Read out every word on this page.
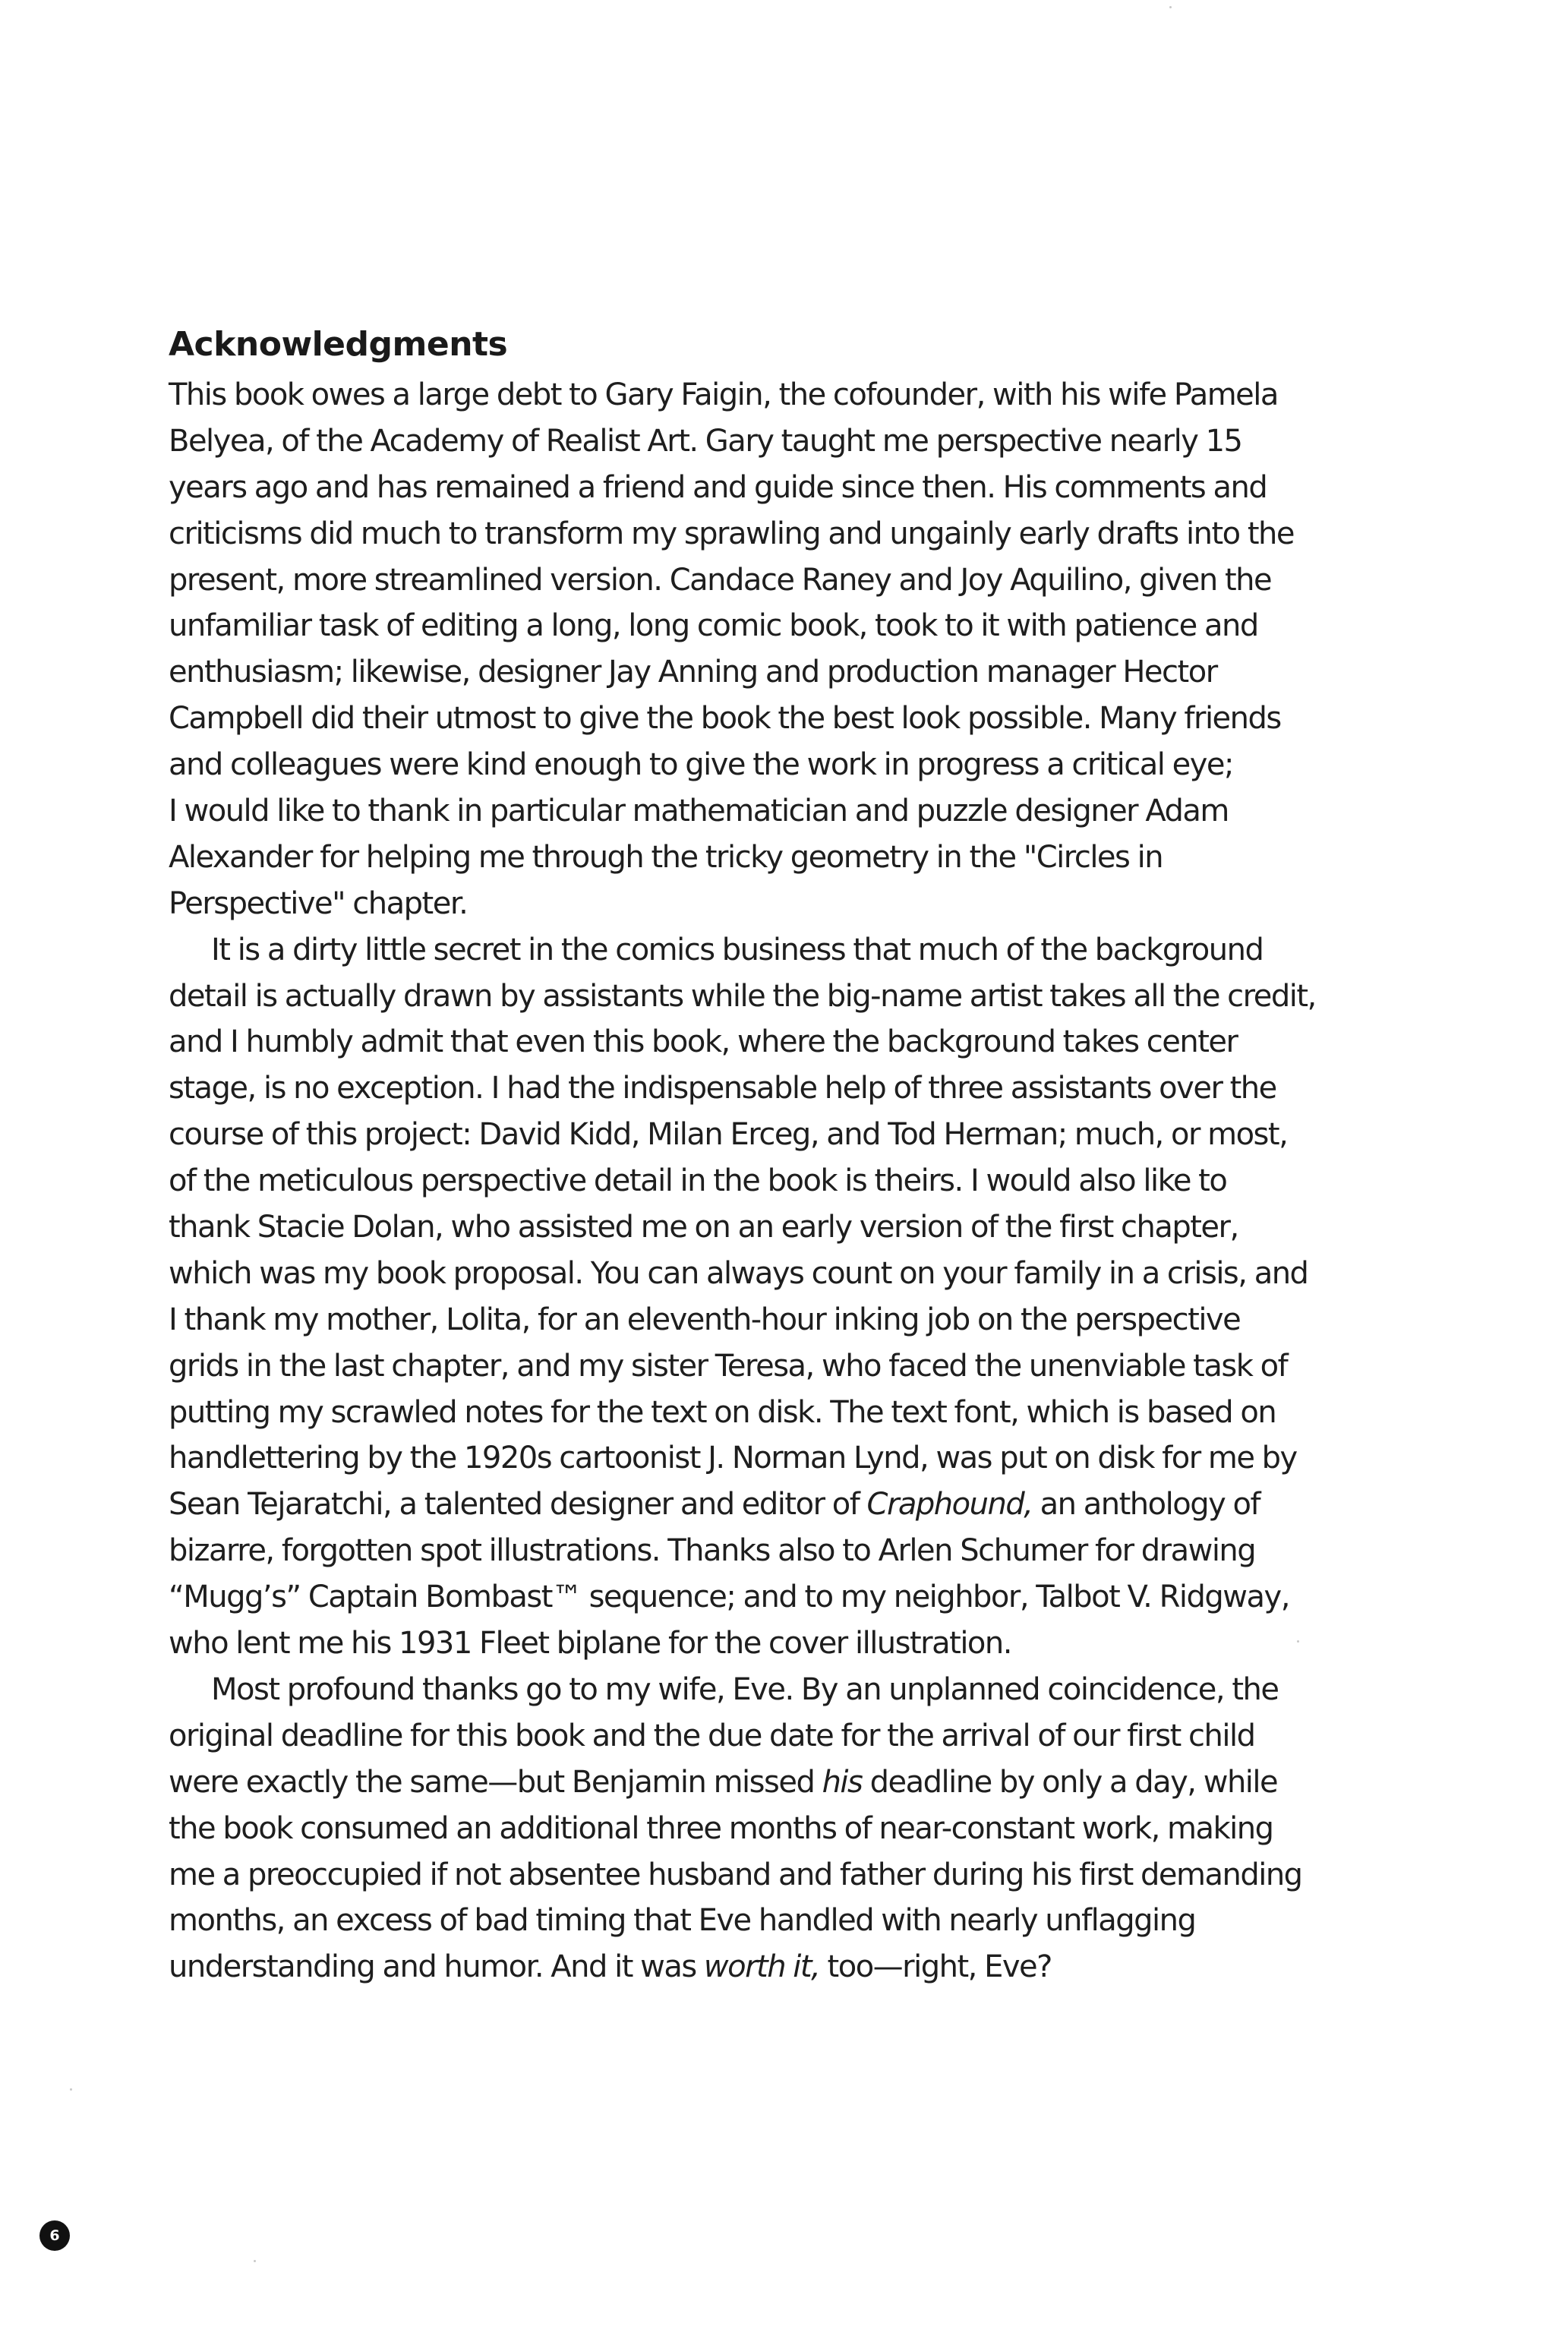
Acknowledgments
This book owes a large debt to Gary Faigin, the cofounder, with his wife Pamela
Belyea, of the Academy of Realist Art. Gary taught me perspective nearly 15
years ago and has remained a friend and guide since then. His comments and
criticisms did much to transform my sprawling and ungainly early drafts into the
present, more streamlined version. Candace Raney and Joy Aquilino, given the
unfamiliar task of editing a long, long comic book, took to it with patience and
enthusiasm; likewise, designer Jay Anning and production manager Hector
Campbell did their utmost to give the book the best look possible. Many friends
and colleagues were kind enough to give the work in progress a critical eye;
I would like to thank in particular mathematician and puzzle designer Adam
Alexander for helping me through the tricky geometry in the "Circles in
Perspective" chapter.
It is a dirty little secret in the comics business that much of the background
detail is actually drawn by assistants while the big-name artist takes all the credit,
and I humbly admit that even this book, where the background takes center
stage, is no exception. I had the indispensable help of three assistants over the
course of this project: David Kidd, Milan Erceg, and Tod Herman; much, or most,
of the meticulous perspective detail in the book is theirs. I would also like to
thank Stacie Dolan, who assisted me on an early version of the first chapter,
which was my book proposal. You can always count on your family in a crisis, and
I thank my mother, Lolita, for an eleventh-hour inking job on the perspective
grids in the last chapter, and my sister Teresa, who faced the unenviable task of
putting my scrawled notes for the text on disk. The text font, which is based on
handlettering by the 1920s cartoonist J. Norman Lynd, was put on disk for me by
Sean Tejaratchi, a talented designer and editor of Craphound, an anthology of
bizarre, forgotten spot illustrations. Thanks also to Arlen Schumer for drawing
“Mugg’s” Captain Bombast™ sequence; and to my neighbor, Talbot V. Ridgway,
who lent me his 1931 Fleet biplane for the cover illustration.
Most profound thanks go to my wife, Eve. By an unplanned coincidence, the
original deadline for this book and the due date for the arrival of our first child
were exactly the same—but Benjamin missed his deadline by only a day, while
the book consumed an additional three months of near-constant work, making
me a preoccupied if not absentee husband and father during his first demanding
months, an excess of bad timing that Eve handled with nearly unflagging
understanding and humor. And it was worth it, too—right, Eve?
6
